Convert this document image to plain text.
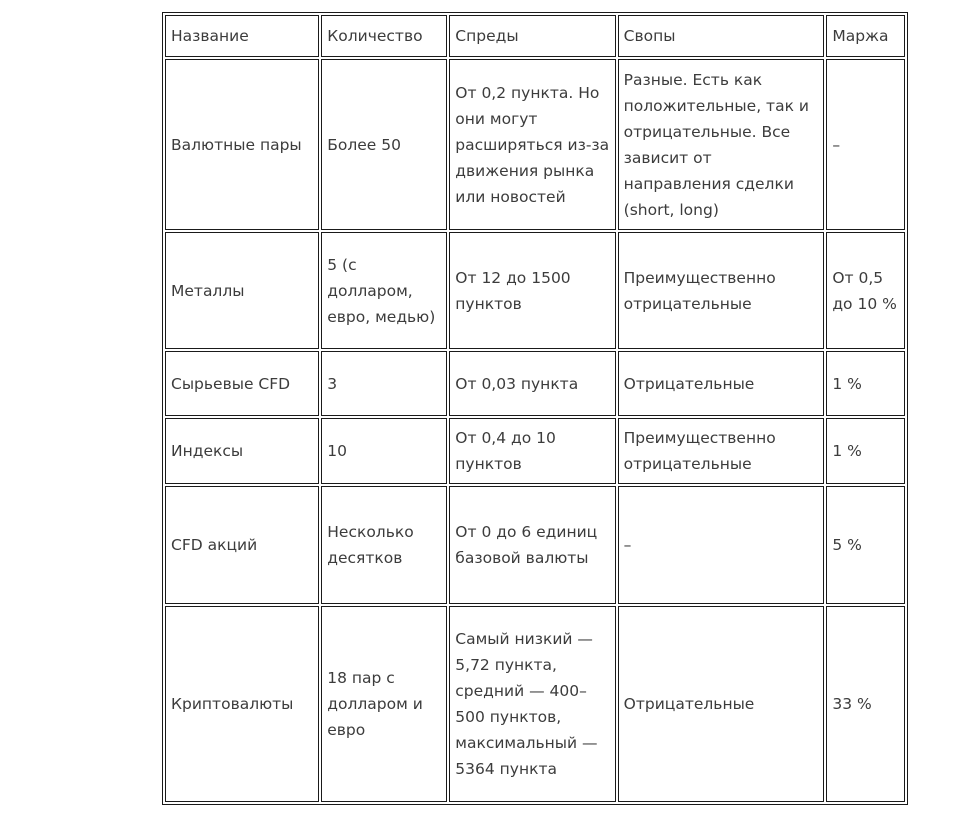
Название	Количество	Спреды	Свопы	Маржа
Валютные пары	Более 50	От 0,2 пункта. Но они могут расширяться из-за движения рынка или новостей	Разные. Есть как положительные, так и отрицательные. Все зависит от направления сделки (short, long)	–
Металлы	5 (с долларом, евро, медью)	От 12 до 1500 пунктов	Преимущественно отрицательные	От 0,5 до 10 %
Сырьевые CFD	3	От 0,03 пункта	Отрицательные	1 %
Индексы	10	От 0,4 до 10 пунктов	Преимущественно отрицательные	1 %
CFD акций	Несколько десятков	От 0 до 6 единиц базовой валюты	–	5 %
Криптовалюты	18 пар с долларом и евро	Самый низкий — 5,72 пункта, средний — 400–500 пунктов, максимальный — 5364 пункта	Отрицательные	33 %
